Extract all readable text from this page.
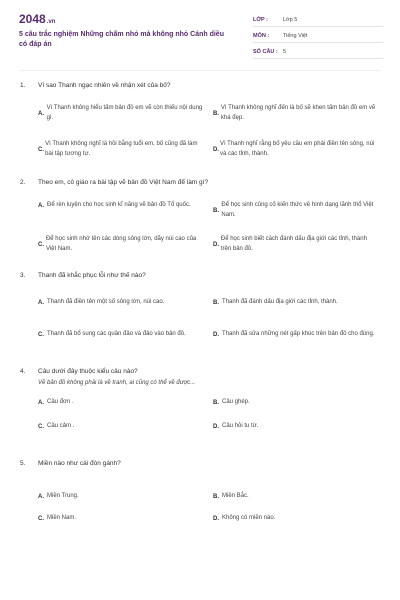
2048.vn
5 câu trắc nghiệm Những chấm nhỏ mà không nhỏ Cánh diều có đáp án
LỚP :	Lớp 5
MÔN :	Tiếng Việt
SỐ CÂU : 5
1.	Vì sao Thanh ngạc nhiên về nhận xét của bố?
A.
Vì Thanh không hiểu tấm bản đồ em vẽ còn thiếu nội dung gì.
B.
Vì Thanh không nghĩ đến là bố sẽ khen tấm bản đồ em vẽ khá đẹp.
C.
Vì Thanh không nghĩ là hồi bằng tuổi em, bố cũng đã làm bài tập tương tự.
D.
Vì Thanh nghĩ rằng bố yêu cầu em phải điền tên sông, núi và các tỉnh, thành.
2.	Theo em, cô giáo ra bài tập vẽ bản đồ Việt Nam để làm gì?
A. Để rèn luyện cho học sinh kĩ năng vẽ bản đồ Tổ quốc.
B.
Để học sinh củng cố kiến thức về hình dạng lãnh thổ Việt Nam.
C.
Để học sinh nhớ tên các dòng sông lớn, dãy núi cao của Việt Nam.
D.
Để học sinh biết cách đánh dấu địa giới các tỉnh, thành trên bản đồ.
3.	Thanh đã khắc phục lỗi như thế nào?
A. Thanh đã điền tên một số sông lớn, núi cao.	B. Thanh đã đánh dấu địa giới các tỉnh, thành.
C. Thanh đã bổ sung các quần đảo và đảo vào bản đồ.	D. Thanh đã sửa những nét gấp khúc trên bản đồ cho đúng.
4.	Câu dưới đây thuộc kiểu câu nào?
Vẽ bản đồ không phải là vẽ tranh, ai cũng có thể vẽ được...
A. Câu đơn .	B. Câu ghép.
C. Câu cảm .	D. Câu hỏi tu từ.
5.	Miền nào như cái đòn gánh?
A. Miền Trung.	B. Miền Bắc.
C. Miền Nam.	D. Không có miền nào.
